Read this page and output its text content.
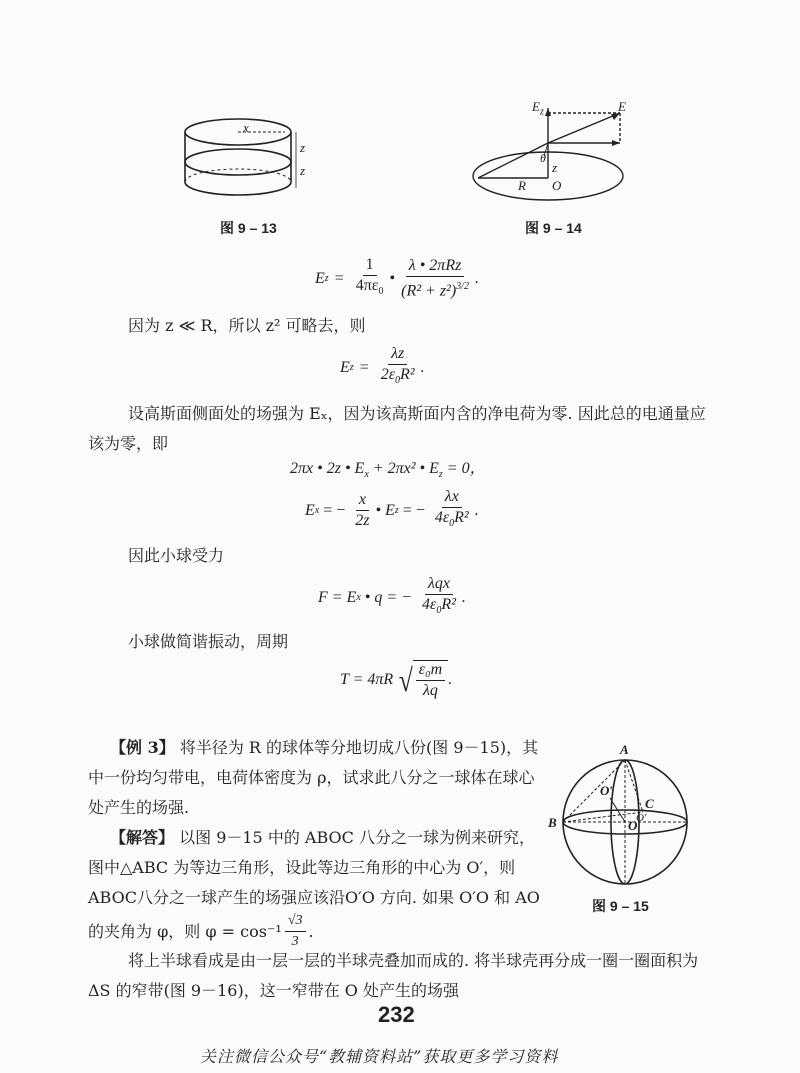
x
z
z
图 9 – 13
$E_z$	E
θ
z
R O
图 9 – 14
E $z = \frac{1}{4\pi\varepsilon_0}$ • $\frac{\text{λ • 2πRz}}{(R^2 + z^2)^{3/2}}$ .
因为 z ≪ R，所以 z² 可略去，则
E $z = \frac{\lambda z}{2\varepsilon_0R^2}$ .
设高斯面侧面处的场强为 Eₓ，因为该高斯面内含的净电荷为零. 因此总的电通量应
该为零，即
2πx • 2z • $E_x + 2\pi x^2$ • $E_z = 0$，
E x = − $\frac{x}{2z}$ • E z = − $\frac{\lambda x}{4\varepsilon_0R^2}$ .
因此小球受力
F = E x • q = − $\frac{\text{λqx}}{4\varepsilon_0R^2}$ .
小球做简谐振动，周期
T = 4πR √ $\frac{\text{ε₀m}}{\lambda q}$ .
【例 3】 将半径为 R 的球体等分地切成八份(图 9－15)，其
中一份均匀带电，电荷体密度为 ρ，试求此八分之一球体在球心
处产生的场强.
【解答】 以图 9－15 中的 ABOC 八分之一球为例来研究，
图中△ABC 为等边三角形，设此等边三角形的中心为 O′，则
ABOC八分之一球产生的场强应该沿O′O 方向. 如果 O′O 和 AO
的夹角为 φ，则 $\varphi = \cos^{-1} \frac{√3}{3}$ .
将上半球看成是由一层一层的半球壳叠加而成的. 将半球壳再分成一圈一圈面积为
ΔS 的窄带(图 9－16)，这一窄带在 O 处产生的场强
A
B
C
O
O′
O′
图 9 – 15
232
关注微信公众号“教辅资料站”获取更多学习资料
